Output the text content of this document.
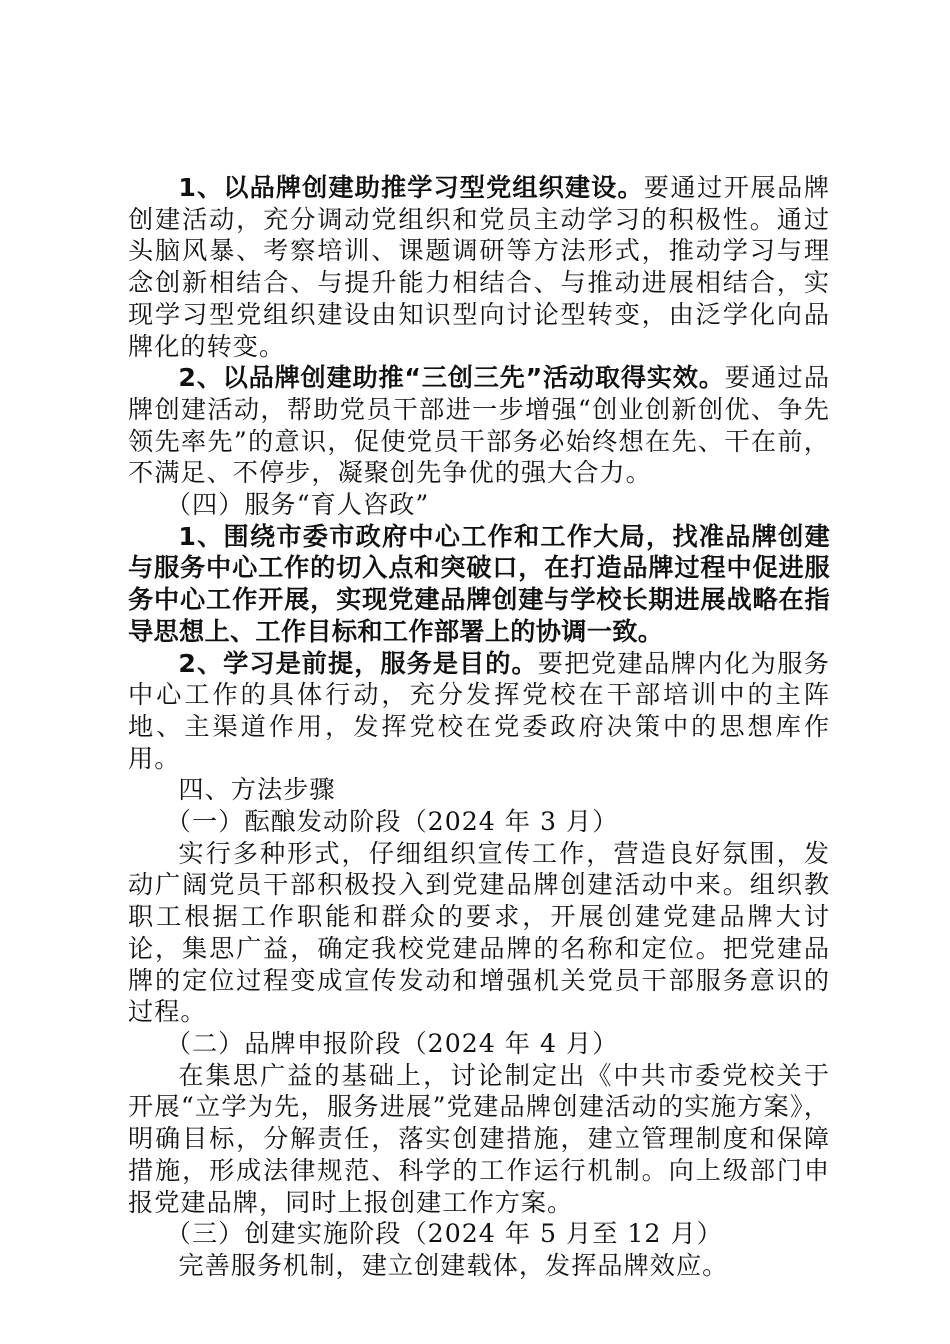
1、以品牌创建助推学习型党组织建设。要通过开展品牌创建活动，充分调动党组织和党员主动学习的积极性。通过头脑风暴、考察培训、课题调研等方法形式，推动学习与理念创新相结合、与提升能力相结合、与推动进展相结合，实现学习型党组织建设由知识型向讨论型转变，由泛学化向品牌化的转变。

2、以品牌创建助推“三创三先”活动取得实效。要通过品牌创建活动，帮助党员干部进一步增强“创业创新创优、争先领先率先”的意识，促使党员干部务必始终想在先、干在前，不满足、不停步，凝聚创先争优的强大合力。

（四）服务“育人咨政”

1、围绕市委市政府中心工作和工作大局，找准品牌创建与服务中心工作的切入点和突破口，在打造品牌过程中促进服务中心工作开展，实现党建品牌创建与学校长期进展战略在指导思想上、工作目标和工作部署上的协调一致。

2、学习是前提，服务是目的。要把党建品牌内化为服务中心工作的具体行动，充分发挥党校在干部培训中的主阵地、主渠道作用，发挥党校在党委政府决策中的思想库作用。

四、方法步骤

（一）酝酿发动阶段（2024 年 3 月）

实行多种形式，仔细组织宣传工作，营造良好氛围，发动广阔党员干部积极投入到党建品牌创建活动中来。组织教职工根据工作职能和群众的要求，开展创建党建品牌大讨论，集思广益，确定我校党建品牌的名称和定位。把党建品牌的定位过程变成宣传发动和增强机关党员干部服务意识的过程。

（二）品牌申报阶段（2024 年 4 月）

在集思广益的基础上，讨论制定出《中共市委党校关于开展“立学为先，服务进展”党建品牌创建活动的实施方案》，明确目标，分解责任，落实创建措施，建立管理制度和保障措施，形成法律规范、科学的工作运行机制。向上级部门申报党建品牌，同时上报创建工作方案。

（三）创建实施阶段（2024 年 5 月至 12 月）

完善服务机制，建立创建载体，发挥品牌效应。
